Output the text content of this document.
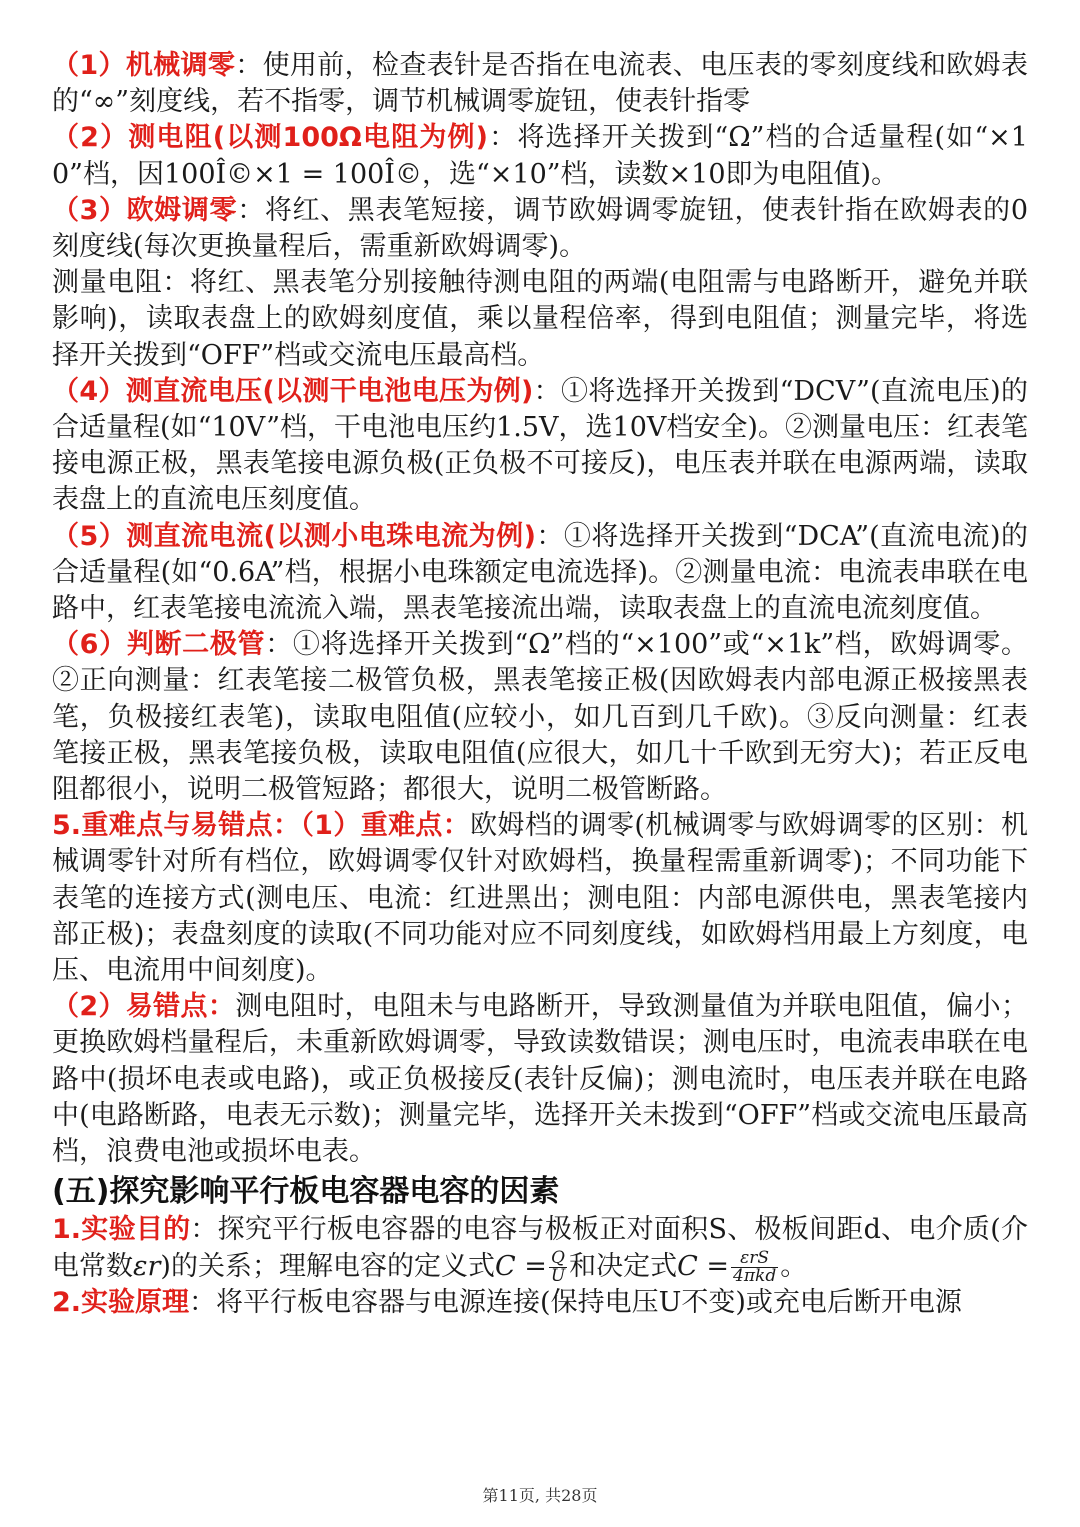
（1）机械调零：使用前，检查表针是否指在电流表、电压表的零刻度线和欧姆表的“∞”刻度线，若不指零，调节机械调零旋钮，使表针指零

（2）测电阻(以测100Ω电阻为例)：将选择开关拨到“Ω”档的合适量程(如“×10”档，因100Î©×1 = 100Î©，选“×10”档，读数×10即为电阻值)。

（3）欧姆调零：将红、黑表笔短接，调节欧姆调零旋钮，使表针指在欧姆表的0刻度线(每次更换量程后，需重新欧姆调零)。

测量电阻：将红、黑表笔分别接触待测电阻的两端(电阻需与电路断开，避免并联影响)，读取表盘上的欧姆刻度值，乘以量程倍率，得到电阻值；测量完毕，将选择开关拨到“OFF”档或交流电压最高档。

（4）测直流电压(以测干电池电压为例)：①将选择开关拨到“DCV”(直流电压)的合适量程(如“10V”档，干电池电压约1.5V，选10V档安全)。②测量电压：红表笔接电源正极，黑表笔接电源负极(正负极不可接反)，电压表并联在电源两端，读取表盘上的直流电压刻度值。

（5）测直流电流(以测小电珠电流为例)：①将选择开关拨到“DCA”(直流电流)的合适量程(如“0.6A”档，根据小电珠额定电流选择)。②测量电流：电流表串联在电路中，红表笔接电流流入端，黑表笔接流出端，读取表盘上的直流电流刻度值。

（6）判断二极管：①将选择开关拨到“Ω”档的“×100”或“×1k”档，欧姆调零。②正向测量：红表笔接二极管负极，黑表笔接正极(因欧姆表内部电源正极接黑表笔，负极接红表笔)，读取电阻值(应较小，如几百到几千欧)。③反向测量：红表笔接正极，黑表笔接负极，读取电阻值(应很大，如几十千欧到无穷大)；若正反电阻都很小，说明二极管短路；都很大，说明二极管断路。

5.重难点与易错点：（1）重难点：欧姆档的调零(机械调零与欧姆调零的区别：机械调零针对所有档位，欧姆调零仅针对欧姆档，换量程需重新调零)；不同功能下表笔的连接方式(测电压、电流：红进黑出；测电阻：内部电源供电，黑表笔接内部正极)；表盘刻度的读取(不同功能对应不同刻度线，如欧姆档用最上方刻度，电压、电流用中间刻度)。

（2）易错点：测电阻时，电阻未与电路断开，导致测量值为并联电阻值，偏小；更换欧姆档量程后，未重新欧姆调零，导致读数错误；测电压时，电流表串联在电路中(损坏电表或电路)，或正负极接反(表针反偏)；测电流时，电压表并联在电路中(电路断路，电表无示数)；测量完毕，选择开关未拨到“OFF”档或交流电压最高档，浪费电池或损坏电表。

(五)探究影响平行板电容器电容的因素

1.实验目的：探究平行板电容器的电容与极板正对面积S、极板间距d、电介质(介电常数εr)的关系；理解电容的定义式$C = \frac{Q}{U}$ 和决定式$C = \frac{\text{εrS}}{\text{4πkd}}$ 。

2.实验原理：将平行板电容器与电源连接(保持电压U不变)或充电后断开电源

第11页, 共28页
